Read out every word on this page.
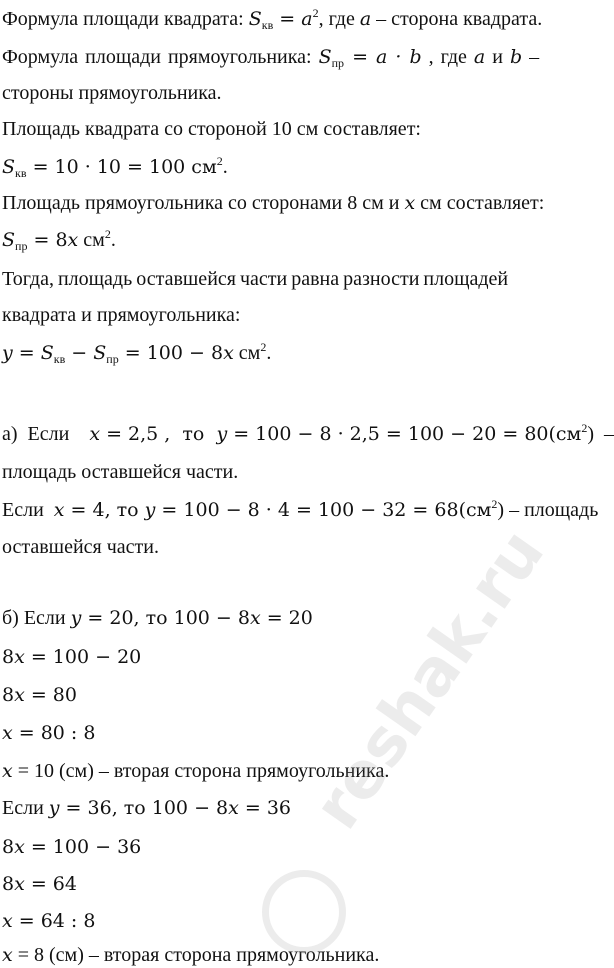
Формула площади квадрата: $S_{кв} = a^2$, где a – сторона квадрата.
Формула площади прямоугольника: $S_{пр} = a \cdot b$ , где a и b –
стороны прямоугольника.
Площадь квадрата со стороной 10 см составляет:
$S_{кв} = 10 \cdot 10 = 100$ $см^2$.
Площадь прямоугольника со сторонами 8 см и x см составляет:
$S_{пр} = 8x$ $см^2$.
Тогда, площадь оставшейся части равна разности площадей
квадрата и прямоугольника:
$y = S_{кв} - S_{пр} = 100 - 8x$ $см^2$.
а)  Если    x = 2,5 ,  то  $y = 100 - 8 \cdot 2,5 = 100 - 20 = 80(см^2)$  –
площадь оставшейся части.
Если  x = 4, то $y = 100 - 8 \cdot 4 = 100 - 32 = 68(см^2)$ – площадь
оставшейся части.
б) Если y = 20, то 100 − 8x = 20
8x = 100 − 20
8x = 80
x = 80 : 8
x = 10 (см) – вторая сторона прямоугольника.
Если y = 36, то 100 − 8x = 36
8x = 100 − 36
8x = 64
x = 64 : 8
x = 8 (см) – вторая сторона прямоугольника.
reshak.ru
